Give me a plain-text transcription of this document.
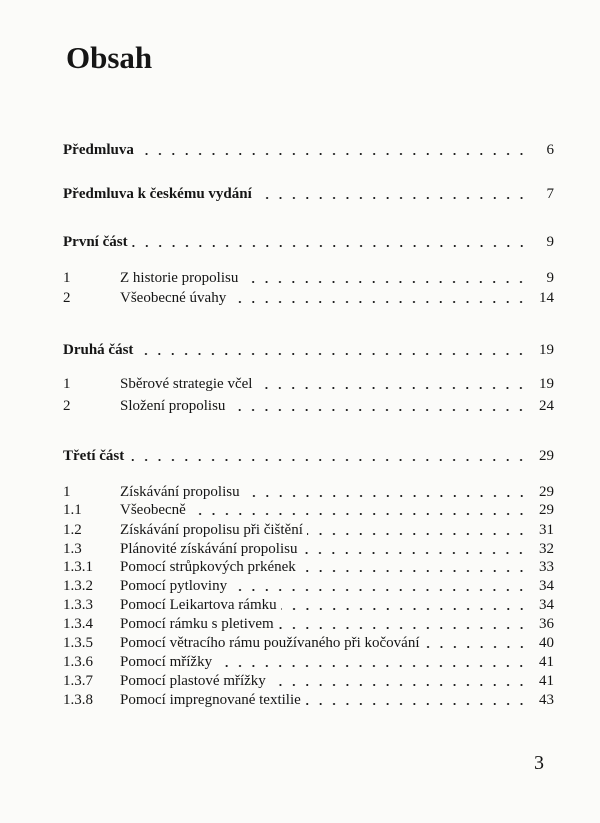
Obsah
Předmluva	6
Předmluva k českému vydání	7
První část	9
1	Z historie propolisu	9
2	Všeobecné úvahy	14
Druhá část	19
1	Sběrové strategie včel	19
2	Složení propolisu	24
Třetí část	29
1	Získávání propolisu	29
1.1	Všeobecně	29
1.2	Získávání propolisu při čištění	31
1.3	Plánovité získávání propolisu	32
1.3.1	Pomocí strůpkových prkének	33
1.3.2	Pomocí pytloviny	34
1.3.3	Pomocí Leikartova rámku	34
1.3.4	Pomocí rámku s pletivem	36
1.3.5	Pomocí větracího rámu používaného při kočování	40
1.3.6	Pomocí mřížky	41
1.3.7	Pomocí plastové mřížky	41
1.3.8	Pomocí impregnované textilie	43
3
